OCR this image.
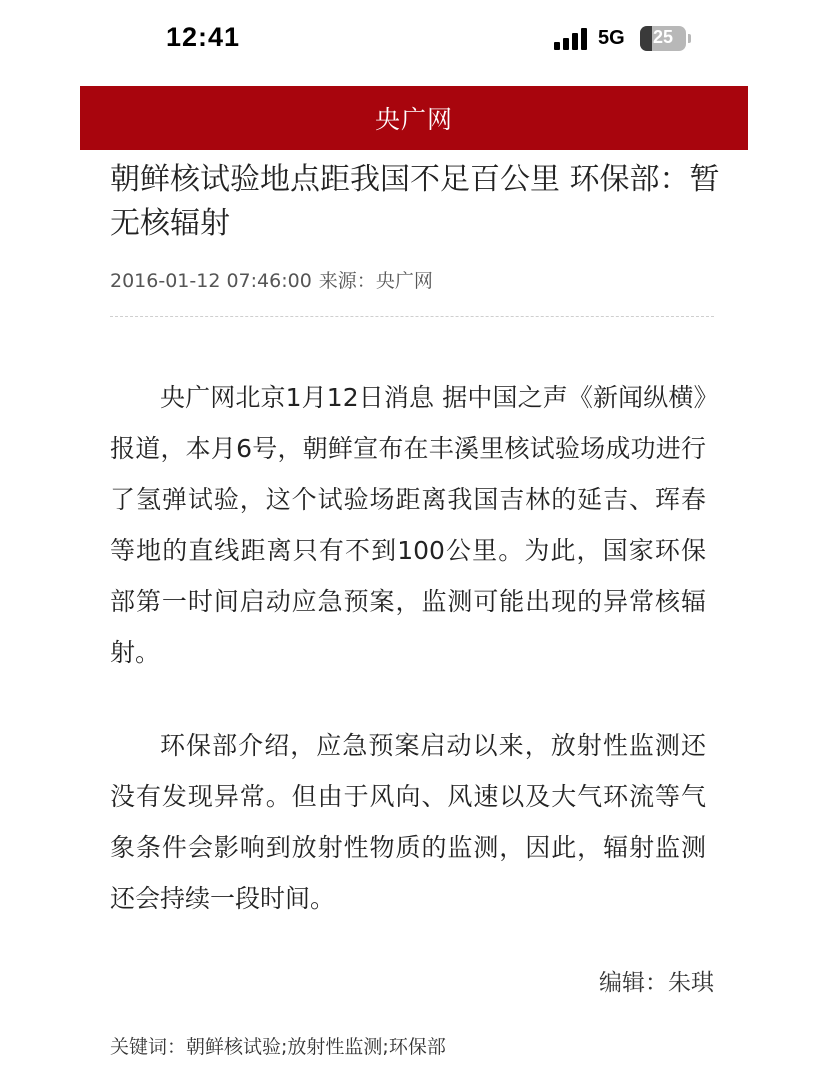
12:41	5G	25
央广网
朝鲜核试验地点距我国不足百公里 环保部：暂无核辐射
2016-01-12 07:46:00 来源：央广网

央广网北京1月12日消息 据中国之声《新闻纵横》报道，本月6号，朝鲜宣布在丰溪里核试验场成功进行了氢弹试验，这个试验场距离我国吉林的延吉、珲春等地的直线距离只有不到100公里。为此，国家环保部第一时间启动应急预案，监测可能出现的异常核辐射。

环保部介绍，应急预案启动以来，放射性监测还没有发现异常。但由于风向、风速以及大气环流等气象条件会影响到放射性物质的监测，因此，辐射监测还会持续一段时间。

编辑：朱琪
关键词：朝鲜核试验;放射性监测;环保部
